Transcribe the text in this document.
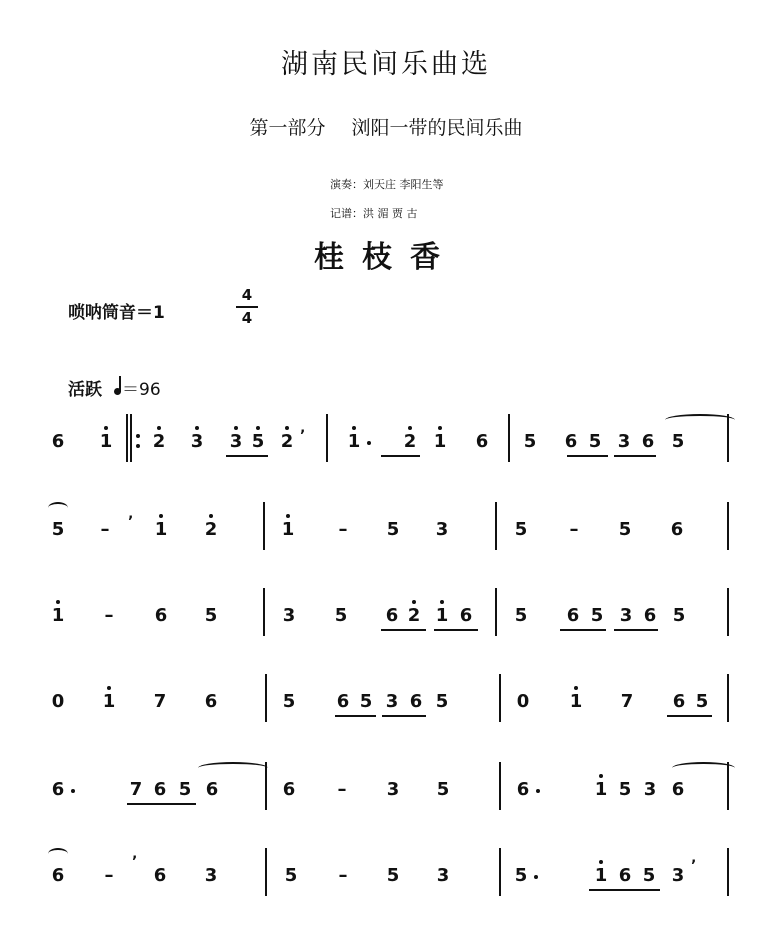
湖南民间乐曲选
第一部分 浏阳一带的民间乐曲
演奏：刘天庄 李阳生等
记谱：洪 湄 贾 古
桂枝香
唢呐筒音＝1
4
4
活跃 ＝96
6 1 2 3 3 5 2	1 2 1 6 5 6 5 3 6 5
’
5	–	1 2	1	–	5 3	5	–	5 6
’
1	–	6 5	3 5 6 2 1 6 5 6 5 3 6 5
0 1 7 6	5 6 5 3 6 5	0 1 7 6 5
6	7 6 5 6	6	–	3 5	6	1 5 3 6
6	–	6 3	5	–	5 3	5	1 6 5 3
’	’
